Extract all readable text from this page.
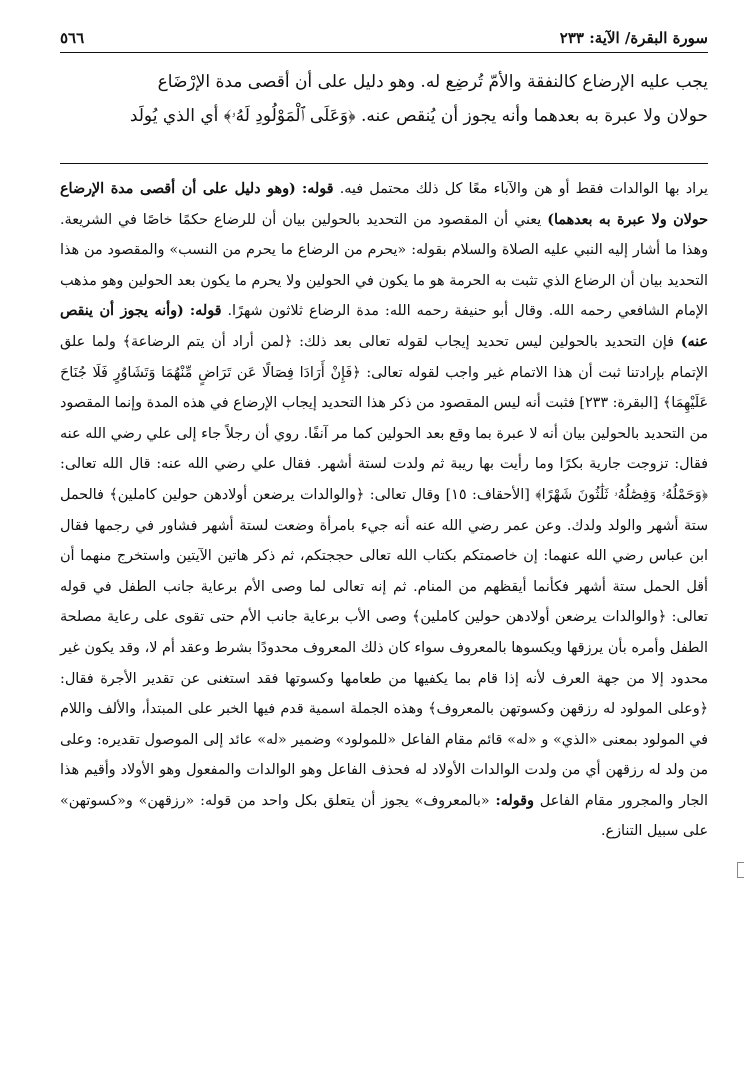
سورة البقرة/ الآية: ٢٣٣
٥٦٦
يجب عليه الإرضاع كالنفقة والأمّ تُرضِع له. وهو دليل على أن أقصى مدة الإرْضَاع
حولان ولا عبرة به بعدهما وأنه يجوز أن يُنقص عنه. ﴿وَعَلَى ٱلْمَوْلُودِ لَهُۥ﴾ أي الذي يُولَد

يراد بها الوالدات فقط أو هن والآباء معًا كل ذلك محتمل فيه. قوله: (وهو دليل على أن أقصى مدة الإرضاع حولان ولا عبرة به بعدهما) يعني أن المقصود من التحديد بالحولين بيان أن للرضاع حكمًا خاصًا في الشريعة. وهذا ما أشار إليه النبي عليه الصلاة والسلام بقوله: «يحرم من الرضاع ما يحرم من النسب» والمقصود من هذا التحديد بيان أن الرضاع الذي تثبت به الحرمة هو ما يكون في الحولين ولا يحرم ما يكون بعد الحولين وهو مذهب الإمام الشافعي رحمه الله. وقال أبو حنيفة رحمه الله: مدة الرضاع ثلاثون شهرًا. قوله: (وأنه يجوز أن ينقص عنه) فإن التحديد بالحولين ليس تحديد إيجاب لقوله تعالى بعد ذلك: ﴿لمن أراد أن يتم الرضاعة﴾ ولما علق الإتمام بإرادتنا ثبت أن هذا الاتمام غير واجب لقوله تعالى: ﴿فَإِنْ أَرَادَا فِصَالًا عَن تَرَاضٍ مِّنْهُمَا وَتَشَاوُرٍ فَلَا جُنَاحَ عَلَيْهِمَا﴾ [البقرة: ٢٣٣] فثبت أنه ليس المقصود من ذكر هذا التحديد إيجاب الإرضاع في هذه المدة وإنما المقصود من التحديد بالحولين بيان أنه لا عبرة بما وقع بعد الحولين كما مر آنفًا. روي أن رجلاً جاء إلى علي رضي الله عنه فقال: تزوجت جارية بكرًا وما رأيت بها ريبة ثم ولدت لستة أشهر. فقال علي رضي الله عنه: قال الله تعالى: ﴿وَحَمْلُهُۥ وَفِصَٰلُهُۥ ثَلَٰثُونَ شَهْرًا﴾ [الأحقاف: ١٥] وقال تعالى: ﴿والوالدات يرضعن أولادهن حولين كاملين﴾ فالحمل ستة أشهر والولد ولدك. وعن عمر رضي الله عنه أنه جيء بامرأة وضعت لستة أشهر فشاور في رجمها فقال ابن عباس رضي الله عنهما: إن خاصمتكم بكتاب الله تعالى حججتكم، ثم ذكر هاتين الآيتين واستخرج منهما أن أقل الحمل ستة أشهر فكأنما أيقظهم من المنام. ثم إنه تعالى لما وصى الأم برعاية جانب الطفل في قوله تعالى: ﴿والوالدات يرضعن أولادهن حولين كاملين﴾ وصى الأب برعاية جانب الأم حتى تقوى على رعاية مصلحة الطفل وأمره بأن يرزقها ويكسوها بالمعروف سواء كان ذلك المعروف محدودًا بشرط وعقد أم لا، وقد يكون غير محدود إلا من جهة العرف لأنه إذا قام بما يكفيها من طعامها وكسوتها فقد استغنى عن تقدير الأجرة فقال: ﴿وعلى المولود له رزقهن وكسوتهن بالمعروف﴾ وهذه الجملة اسمية قدم فيها الخبر على المبتدأ، والألف واللام في المولود بمعنى «الذي» و «له» قائم مقام الفاعل «للمولود» وضمير «له» عائد إلى الموصول تقديره: وعلى من ولد له رزقهن أي من ولدت الوالدات الأولاد له فحذف الفاعل وهو الوالدات والمفعول وهو الأولاد وأقيم هذا الجار والمجرور مقام الفاعل وقوله: «بالمعروف» يجوز أن يتعلق بكل واحد من قوله: «رزقهن» و«كسوتهن» على سبيل التنازع.
